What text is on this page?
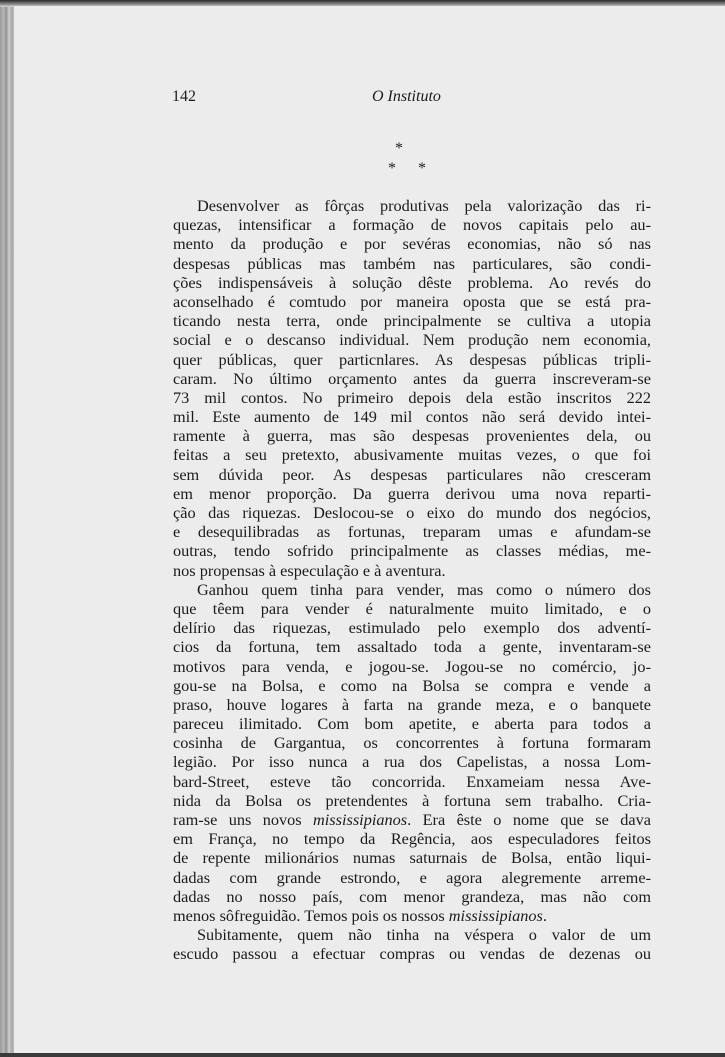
142	O Instituto
*
* *
Desenvolver as fôrças produtivas pela valorização das ri-
quezas, intensificar a formação de novos capitais pelo au-
mento da produção e por sevéras economias, não só nas
despesas públicas mas também nas particulares, são condi-
ções indispensáveis à solução dêste problema. Ao revés do
aconselhado é comtudo por maneira oposta que se está pra-
ticando nesta terra, onde principalmente se cultiva a utopia
social e o descanso individual. Nem produção nem economia,
quer públicas, quer particnlares. As despesas públicas tripli-
caram. No último orçamento antes da guerra inscreveram-se
73 mil contos. No primeiro depois dela estão inscritos 222
mil. Este aumento de 149 mil contos não será devido intei-
ramente à guerra, mas são despesas provenientes dela, ou
feitas a seu pretexto, abusivamente muitas vezes, o que foi
sem dúvida peor. As despesas particulares não cresceram
em menor proporção. Da guerra derivou uma nova reparti-
ção das riquezas. Deslocou-se o eixo do mundo dos negócios,
e desequilibradas as fortunas, treparam umas e afundam-se
outras, tendo sofrido principalmente as classes médias, me-
nos propensas à especulação e à aventura.
Ganhou quem tinha para vender, mas como o número dos
que têem para vender é naturalmente muito limitado, e o
delírio das riquezas, estimulado pelo exemplo dos adventí-
cios da fortuna, tem assaltado toda a gente, inventaram-se
motivos para venda, e jogou-se. Jogou-se no comércio, jo-
gou-se na Bolsa, e como na Bolsa se compra e vende a
praso, houve logares à farta na grande meza, e o banquete
pareceu ilimitado. Com bom apetite, e aberta para todos a
cosinha de Gargantua, os concorrentes à fortuna formaram
legião. Por isso nunca a rua dos Capelistas, a nossa Lom-
bard-Street, esteve tão concorrida. Enxameiam nessa Ave-
nida da Bolsa os pretendentes à fortuna sem trabalho. Cria-
ram-se uns novos mississipianos. Era êste o nome que se dava
em França, no tempo da Regência, aos especuladores feitos
de repente milionários numas saturnais de Bolsa, então liqui-
dadas com grande estrondo, e agora alegremente arreme-
dadas no nosso país, com menor grandeza, mas não com
menos sôfreguidão. Temos pois os nossos mississipianos.
Subitamente, quem não tinha na véspera o valor de um
escudo passou a efectuar compras ou vendas de dezenas ou
